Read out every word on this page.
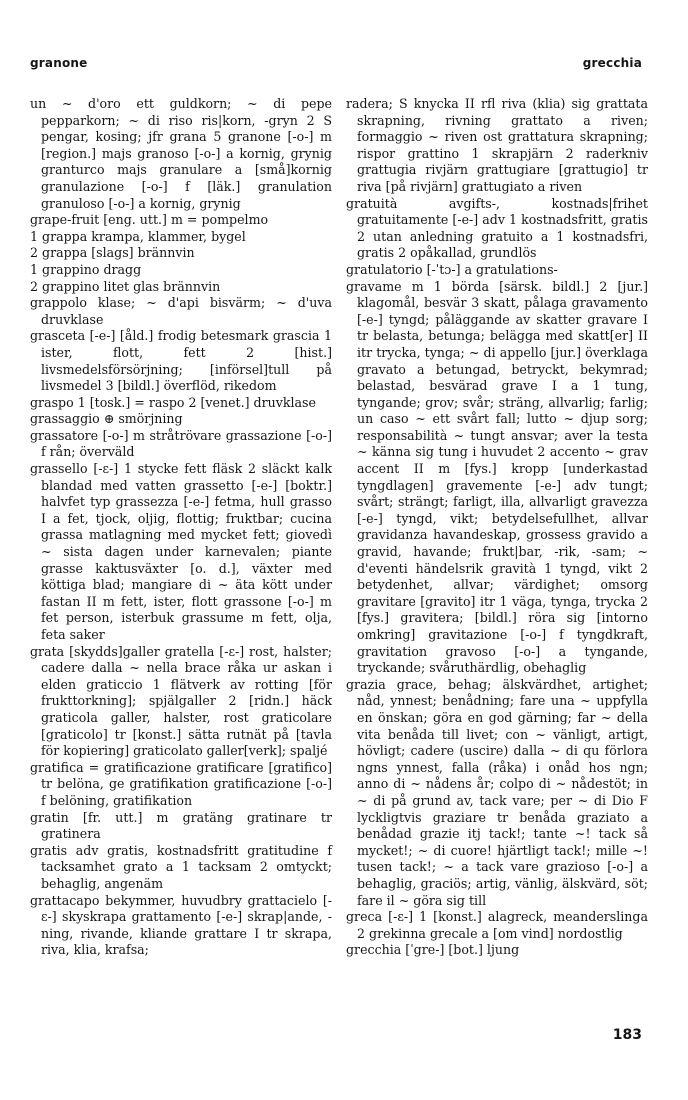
granone	grecchia

un ~ d'oro ett guldkorn; ~ di pepe pepparkorn; ~ di riso ris|korn, -gryn 2 S pengar, kosing; jfr grana 5 granone [-o-] m [region.] majs granoso [-o-] a kornig, grynig granturco majs granulare a [små]kornig granulazione [-o-] f [läk.] granulation granuloso [-o-] a kornig, grynig

grape-fruit [eng. utt.] m = pompelmo

1 grappa krampa, klammer, bygel

2 grappa [slags] brännvin

1 grappino dragg

2 grappino litet glas brännvin

grappolo klase; ~ d'api bisvärm; ~ d'uva druvklase

grasceta [-e-] [åld.] frodig betesmark grascia 1 ister, flott, fett 2 [hist.] livsmedelsförsörjning; [införsel]tull på livsmedel 3 [bildl.] överflöd, rikedom

graspo 1 [tosk.] = raspo 2 [venet.] druvklase

grassaggio ⊕ smörjning

grassatore [-o-] m stråtrövare grassazione [-o-] f rån; överväld

grassello [-ɛ-] 1 stycke fett fläsk 2 släckt kalk blandad med vatten grassetto [-e-] [boktr.] halvfet typ grassezza [-e-] fetma, hull grasso I a fet, tjock, oljig, flottig; fruktbar; cucina grassa matlagning med mycket fett; giovedì ~ sista dagen under karnevalen; piante grasse kaktusväxter [o. d.], växter med köttiga blad; mangiare di ~ äta kött under fastan II m fett, ister, flott grassone [-o-] m fet person, isterbuk grassume m fett, olja, feta saker

grata [skydds]galler gratella [-ɛ-] rost, halster; cadere dalla ~ nella brace råka ur askan i elden graticcio 1 flätverk av rotting [för frukttorkning]; spjälgaller 2 [ridn.] häck graticola galler, halster, rost graticolare [graticolo] tr [konst.] sätta rutnät på [tavla för kopiering] graticolato galler[verk]; spaljé

gratifica = gratificazione gratificare [gratifico] tr belöna, ge gratifikation gratificazione [-o-] f belöning, gratifikation

gratin [fr. utt.] m gratäng gratinare tr gratinera

gratis adv gratis, kostnadsfritt gratitudine f tacksamhet grato a 1 tacksam 2 omtyckt; behaglig, angenäm

grattacapo bekymmer, huvudbry grattacielo [-ɛ-] skyskrapa grattamento [-e-] skrap|ande, -ning, rivande, kliande grattare I tr skrapa, riva, klia, krafsa;

radera; S knycka II rfl riva (klia) sig grattata skrapning, rivning grattato a riven; formaggio ~ riven ost grattatura skrapning; rispor grattino 1 skrapjärn 2 raderkniv grattugia rivjärn grattugiare [grattugio] tr riva [på rivjärn] grattugiato a riven

gratuità avgifts-, kostnads|frihet gratuitamente [-e-] adv 1 kostnadsfritt, gratis 2 utan anledning gratuito a 1 kostnadsfri, gratis 2 opåkallad, grundlös

gratulatorio [-ˈtɔ-] a gratulations-

gravame m 1 börda [särsk. bildl.] 2 [jur.] klagomål, besvär 3 skatt, pålaga gravamento [-e-] tyngd; påläggande av skatter gravare I tr belasta, betunga; belägga med skatt[er] II itr trycka, tynga; ~ di appello [jur.] överklaga gravato a betungad, betryckt, bekymrad; belastad, besvärad grave I a 1 tung, tyngande; grov; svår; sträng, allvarlig; farlig; un caso ~ ett svårt fall; lutto ~ djup sorg; responsabilità ~ tungt ansvar; aver la testa ~ känna sig tung i huvudet 2 accento ~ grav accent II m [fys.] kropp [underkastad tyngdlagen] gravemente [-e-] adv tungt; svårt; strängt; farligt, illa, allvarligt gravezza [-e-] tyngd, vikt; betydelsefullhet, allvar gravidanza havandeskap, grossess gravido a gravid, havande; frukt|bar, -rik, -sam; ~ d'eventi händelsrik gravità 1 tyngd, vikt 2 betydenhet, allvar; värdighet; omsorg gravitare [gravito] itr 1 väga, tynga, trycka 2 [fys.] gravitera; [bildl.] röra sig [intorno omkring] gravitazione [-o-] f tyngdkraft, gravitation gravoso [-o-] a tyngande, tryckande; svåruthärdlig, obehaglig

grazia grace, behag; älskvärdhet, artighet; nåd, ynnest; benådning; fare una ~ uppfylla en önskan; göra en god gärning; far ~ della vita benåda till livet; con ~ vänligt, artigt, hövligt; cadere (uscire) dalla ~ di qu förlora ngns ynnest, falla (råka) i onåd hos ngn; anno di ~ nådens år; colpo di ~ nådestöt; in ~ di på grund av, tack vare; per ~ di Dio F lyckligtvis graziare tr benåda graziato a benådad grazie itj tack!; tante ~! tack så mycket!; ~ di cuore! hjärtligt tack!; mille ~! tusen tack!; ~ a tack vare grazioso [-o-] a behaglig, graciös; artig, vänlig, älskvärd, söt; fare il ~ göra sig till

greca [-ɛ-] 1 [konst.] alagreck, meanderslinga 2 grekinna grecale a [om vind] nordostlig

grecchia [ˈgre-] [bot.] ljung

183
